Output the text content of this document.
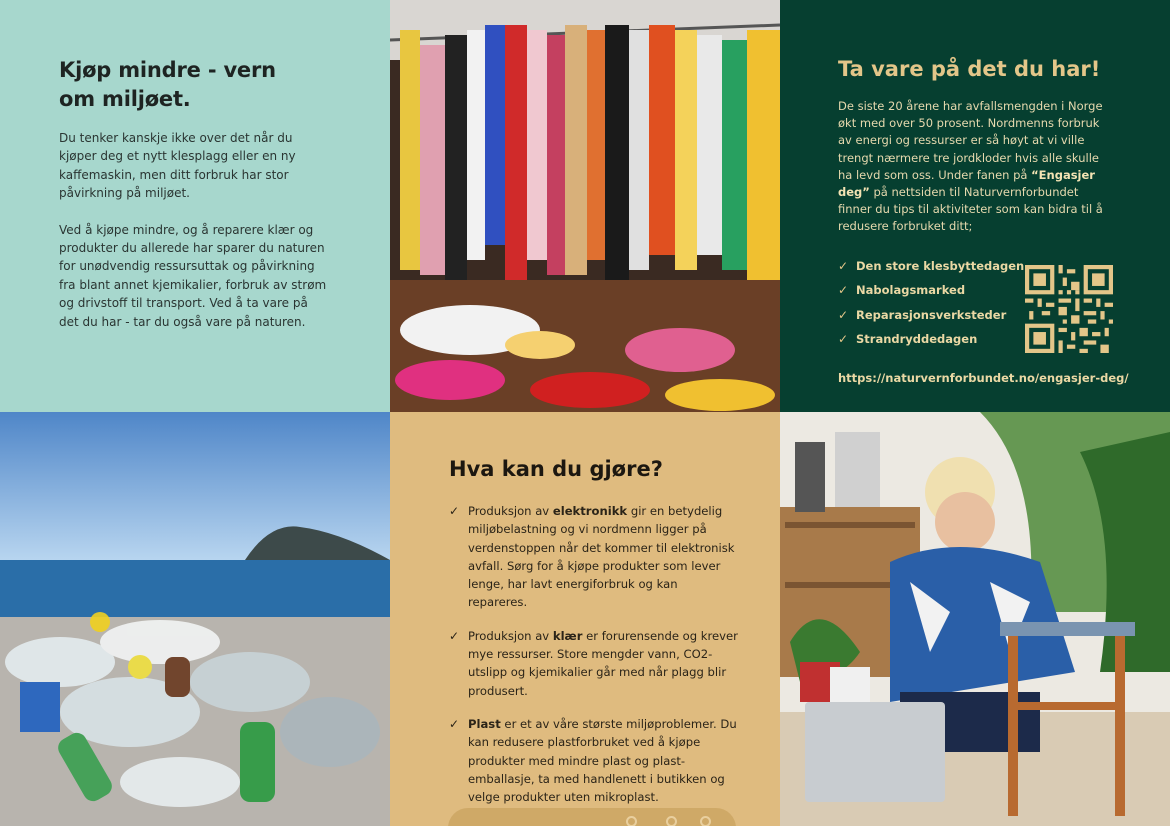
Kjøp mindre - vern om miljøet.

Du tenker kanskje ikke over det når du kjøper deg et nytt klesplagg eller en ny kaffemaskin, men ditt forbruk har stor påvirkning på miljøet.

Ved å kjøpe mindre, og å reparere klær og produkter du allerede har sparer du naturen for unødvendig ressursuttak og påvirkning fra blant annet kjemikalier, forbruk av strøm og drivstoff til transport. Ved å ta vare på det du har - tar du også vare på naturen.

Ta vare på det du har!

De siste 20 årene har avfallsmengden i Norge økt med over 50 prosent. Nordmenns forbruk av energi og ressurser er så høyt at vi ville trengt nærmere tre jordkloder hvis alle skulle ha levd som oss. Under fanen på “Engasjer deg” på nettsiden til Naturvernforbundet finner du tips til aktiviteter som kan bidra til å redusere forbruket ditt;

✓ Den store klesbyttedagen
✓ Nabolagsmarked
✓ Reparasjonsverksteder
✓ Strandryddedagen
https://naturvernforbundet.no/engasjer-deg/
Hva kan du gjøre?
✓ Produksjon av elektronikk gir en betydelig miljøbelastning og vi nordmenn ligger på verdenstoppen når det kommer til elektronisk avfall. Sørg for å kjøpe produkter som lever lenge, har lavt energiforbruk og kan repareres.
✓ Produksjon av klær er forurensende og krever mye ressurser. Store mengder vann, CO2-utslipp og kjemikalier går med når plagg blir produsert.
✓ Plast er et av våre største miljøproblemer. Du kan redusere plastforbruket ved å kjøpe produkter med mindre plast og plast-emballasje, ta med handlenett i butikken og velge produkter uten mikroplast.
